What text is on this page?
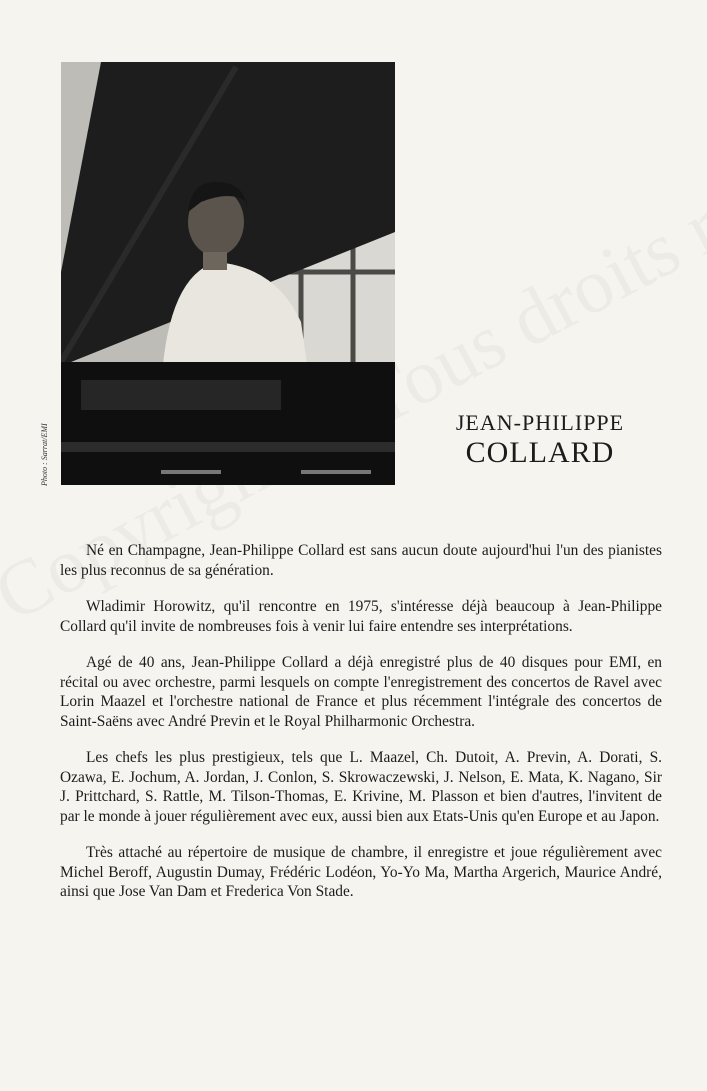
Photo : Sarrat/EMI
JEAN-PHILIPPE
COLLARD

Né en Champagne, Jean-Philippe Collard est sans aucun doute aujourd'hui l'un des pianistes les plus reconnus de sa génération.

Wladimir Horowitz, qu'il rencontre en 1975, s'intéresse déjà beaucoup à Jean-Philippe Collard qu'il invite de nombreuses fois à venir lui faire entendre ses interprétations.

Agé de 40 ans, Jean-Philippe Collard a déjà enregistré plus de 40 disques pour EMI, en récital ou avec orchestre, parmi lesquels on compte l'enregistrement des concertos de Ravel avec Lorin Maazel et l'orchestre national de France et plus récemment l'intégrale des concertos de Saint-Saëns avec André Previn et le Royal Philharmonic Orchestra.

Les chefs les plus prestigieux, tels que L. Maazel, Ch. Dutoit, A. Previn, A. Dorati, S. Ozawa, E. Jochum, A. Jordan, J. Conlon, S. Skrowaczewski, J. Nelson, E. Mata, K. Nagano, Sir J. Prittchard, S. Rattle, M. Tilson-Thomas, E. Krivine, M. Plasson et bien d'autres, l'invitent de par le monde à jouer régulièrement avec eux, aussi bien aux Etats-Unis qu'en Europe et au Japon.

Très attaché au répertoire de musique de chambre, il enregistre et joue régulièrement avec Michel Beroff, Augustin Dumay, Frédéric Lodéon, Yo-Yo Ma, Martha Argerich, Maurice André, ainsi que Jose Van Dam et Frederica Von Stade.
